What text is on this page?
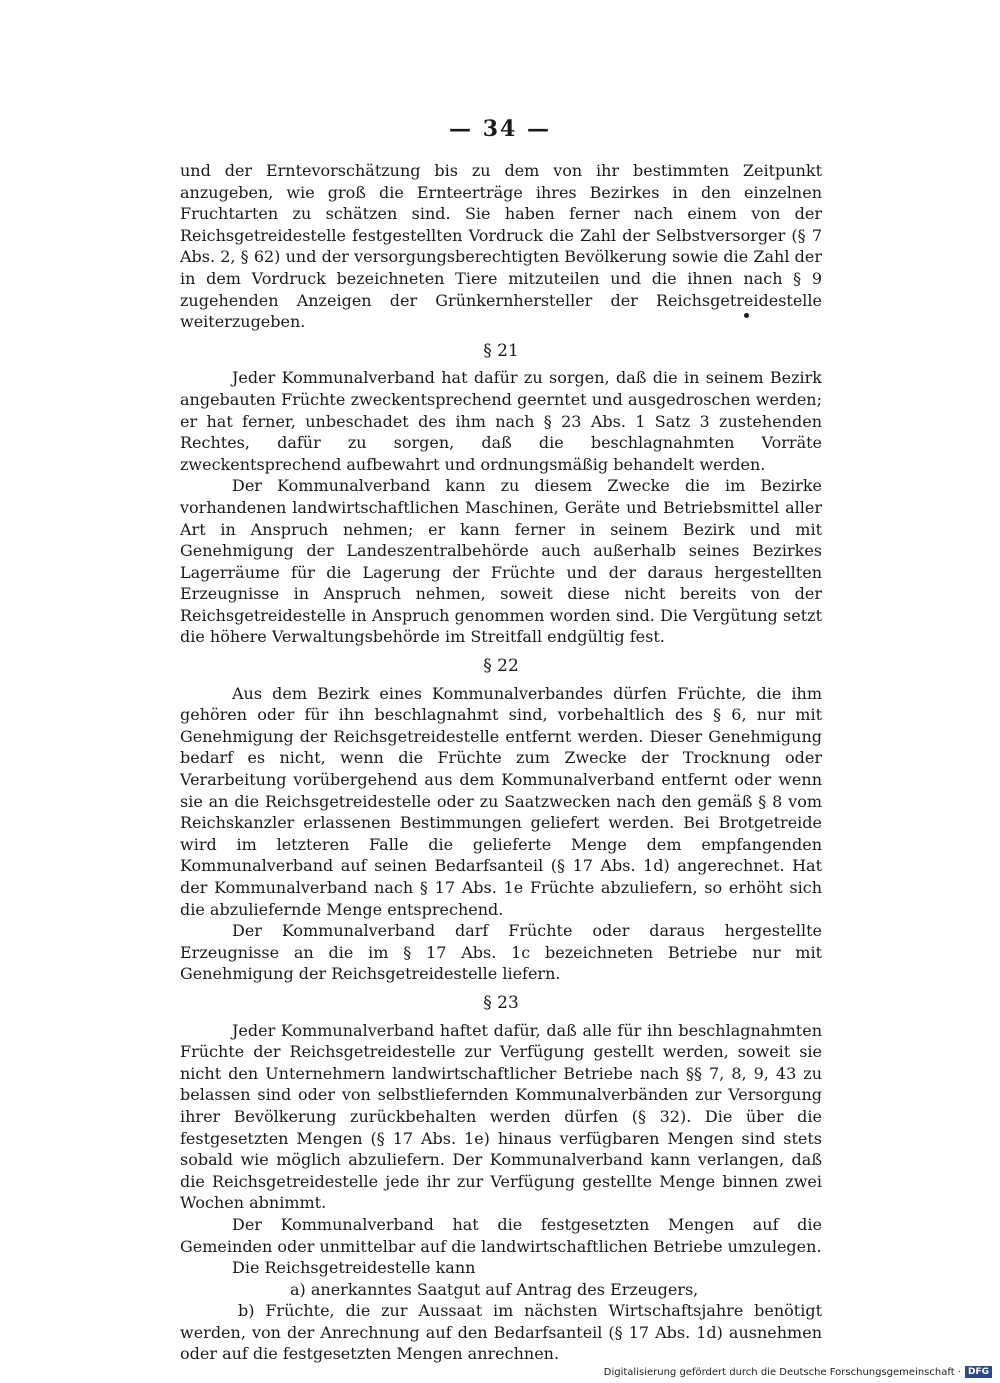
— 34 —

und der Erntevorschätzung bis zu dem von ihr bestimmten Zeitpunkt anzugeben, wie groß die Ernteerträge ihres Bezirkes in den einzelnen Fruchtarten zu schätzen sind. Sie haben ferner nach einem von der Reichsgetreidestelle festgestellten Vordruck die Zahl der Selbstversorger (§ 7 Abs. 2, § 62) und der versorgungsberechtigten Bevölkerung sowie die Zahl der in dem Vordruck bezeichneten Tiere mitzuteilen und die ihnen nach § 9 zugehenden Anzeigen der Grünkernhersteller der Reichsgetreidestelle weiterzugeben.

§ 21

Jeder Kommunalverband hat dafür zu sorgen, daß die in seinem Bezirk angebauten Früchte zweckentsprechend geerntet und ausgedroschen werden; er hat ferner, unbeschadet des ihm nach § 23 Abs. 1 Satz 3 zustehenden Rechtes, dafür zu sorgen, daß die beschlagnahmten Vorräte zweckentsprechend aufbewahrt und ordnungsmäßig behandelt werden.

Der Kommunalverband kann zu diesem Zwecke die im Bezirke vorhandenen landwirtschaftlichen Maschinen, Geräte und Betriebsmittel aller Art in Anspruch nehmen; er kann ferner in seinem Bezirk und mit Genehmigung der Landeszentralbehörde auch außerhalb seines Bezirkes Lagerräume für die Lagerung der Früchte und der daraus hergestellten Erzeugnisse in Anspruch nehmen, soweit diese nicht bereits von der Reichsgetreidestelle in Anspruch genommen worden sind. Die Vergütung setzt die höhere Verwaltungsbehörde im Streitfall endgültig fest.

§ 22

Aus dem Bezirk eines Kommunalverbandes dürfen Früchte, die ihm gehören oder für ihn beschlagnahmt sind, vorbehaltlich des § 6, nur mit Genehmigung der Reichsgetreidestelle entfernt werden. Dieser Genehmigung bedarf es nicht, wenn die Früchte zum Zwecke der Trocknung oder Verarbeitung vorübergehend aus dem Kommunalverband entfernt oder wenn sie an die Reichsgetreidestelle oder zu Saatzwecken nach den gemäß § 8 vom Reichskanzler erlassenen Bestimmungen geliefert werden. Bei Brotgetreide wird im letzteren Falle die gelieferte Menge dem empfangenden Kommunalverband auf seinen Bedarfsanteil (§ 17 Abs. 1d) angerechnet. Hat der Kommunalverband nach § 17 Abs. 1e Früchte abzuliefern, so erhöht sich die abzuliefernde Menge entsprechend.

Der Kommunalverband darf Früchte oder daraus hergestellte Erzeugnisse an die im § 17 Abs. 1c bezeichneten Betriebe nur mit Genehmigung der Reichsgetreidestelle liefern.

§ 23

Jeder Kommunalverband haftet dafür, daß alle für ihn beschlagnahmten Früchte der Reichsgetreidestelle zur Verfügung gestellt werden, soweit sie nicht den Unternehmern landwirtschaftlicher Betriebe nach §§ 7, 8, 9, 43 zu belassen sind oder von selbstliefernden Kommunalverbänden zur Versorgung ihrer Bevölkerung zurückbehalten werden dürfen (§ 32). Die über die festgesetzten Mengen (§ 17 Abs. 1e) hinaus verfügbaren Mengen sind stets sobald wie möglich abzuliefern. Der Kommunalverband kann verlangen, daß die Reichsgetreidestelle jede ihr zur Verfügung gestellte Menge binnen zwei Wochen abnimmt.

Der Kommunalverband hat die festgesetzten Mengen auf die Gemeinden oder unmittelbar auf die landwirtschaftlichen Betriebe umzulegen.

Die Reichsgetreidestelle kann

a) anerkanntes Saatgut auf Antrag des Erzeugers,

b) Früchte, die zur Aussaat im nächsten Wirtschaftsjahre benötigt werden, von der Anrechnung auf den Bedarfsanteil (§ 17 Abs. 1d) ausnehmen oder auf die festgesetzten Mengen anrechnen.

Digitalisierung gefördert durch die Deutsche Forschungsgemeinschaft · DFG
